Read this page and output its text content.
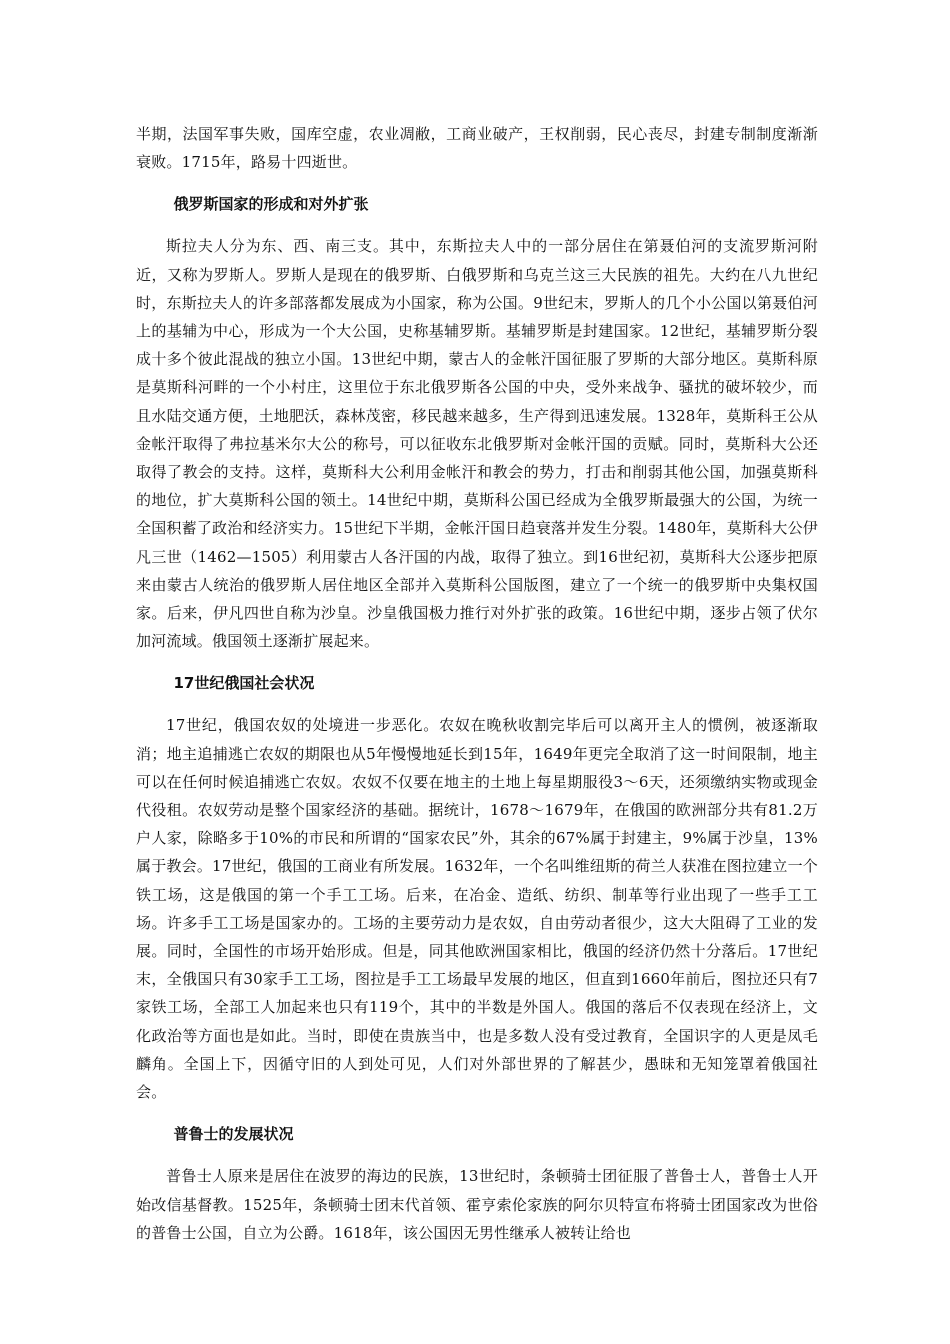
半期，法国军事失败，国库空虚，农业凋敝，工商业破产，王权削弱，民心丧尽，封建专制制度渐渐衰败。1715年，路易十四逝世。

俄罗斯国家的形成和对外扩张

斯拉夫人分为东、西、南三支。其中，东斯拉夫人中的一部分居住在第聂伯河的支流罗斯河附近，又称为罗斯人。罗斯人是现在的俄罗斯、白俄罗斯和乌克兰这三大民族的祖先。大约在八九世纪时，东斯拉夫人的许多部落都发展成为小国家，称为公国。9世纪末，罗斯人的几个小公国以第聂伯河上的基辅为中心，形成为一个大公国，史称基辅罗斯。基辅罗斯是封建国家。12世纪，基辅罗斯分裂成十多个彼此混战的独立小国。13世纪中期，蒙古人的金帐汗国征服了罗斯的大部分地区。莫斯科原是莫斯科河畔的一个小村庄，这里位于东北俄罗斯各公国的中央，受外来战争、骚扰的破坏较少，而且水陆交通方便，土地肥沃，森林茂密，移民越来越多，生产得到迅速发展。1328年，莫斯科王公从金帐汗取得了弗拉基米尔大公的称号，可以征收东北俄罗斯对金帐汗国的贡赋。同时，莫斯科大公还取得了教会的支持。这样，莫斯科大公利用金帐汗和教会的势力，打击和削弱其他公国，加强莫斯科的地位，扩大莫斯科公国的领土。14世纪中期，莫斯科公国已经成为全俄罗斯最强大的公国，为统一全国积蓄了政治和经济实力。15世纪下半期，金帐汗国日趋衰落并发生分裂。1480年，莫斯科大公伊凡三世（1462—1505）利用蒙古人各汗国的内战，取得了独立。到16世纪初，莫斯科大公逐步把原来由蒙古人统治的俄罗斯人居住地区全部并入莫斯科公国版图，建立了一个统一的俄罗斯中央集权国家。后来，伊凡四世自称为沙皇。沙皇俄国极力推行对外扩张的政策。16世纪中期，逐步占领了伏尔加河流域。俄国领土逐渐扩展起来。

17世纪俄国社会状况

17世纪，俄国农奴的处境进一步恶化。农奴在晚秋收割完毕后可以离开主人的惯例，被逐渐取消；地主追捕逃亡农奴的期限也从5年慢慢地延长到15年，1649年更完全取消了这一时间限制，地主可以在任何时候追捕逃亡农奴。农奴不仅要在地主的土地上每星期服役3～6天，还须缴纳实物或现金代役租。农奴劳动是整个国家经济的基础。据统计，1678～1679年，在俄国的欧洲部分共有81.2万户人家，除略多于10%的市民和所谓的“国家农民”外，其余的67%属于封建主，9%属于沙皇，13%属于教会。17世纪，俄国的工商业有所发展。1632年，一个名叫维纽斯的荷兰人获准在图拉建立一个铁工场，这是俄国的第一个手工工场。后来，在冶金、造纸、纺织、制革等行业出现了一些手工工场。许多手工工场是国家办的。工场的主要劳动力是农奴，自由劳动者很少，这大大阻碍了工业的发展。同时，全国性的市场开始形成。但是，同其他欧洲国家相比，俄国的经济仍然十分落后。17世纪末，全俄国只有30家手工工场，图拉是手工工场最早发展的地区，但直到1660年前后，图拉还只有7家铁工场，全部工人加起来也只有119个，其中的半数是外国人。俄国的落后不仅表现在经济上，文化政治等方面也是如此。当时，即使在贵族当中，也是多数人没有受过教育，全国识字的人更是凤毛麟角。全国上下，因循守旧的人到处可见，人们对外部世界的了解甚少，愚昧和无知笼罩着俄国社会。

普鲁士的发展状况

普鲁士人原来是居住在波罗的海边的民族，13世纪时，条顿骑士团征服了普鲁士人，普鲁士人开始改信基督教。1525年，条顿骑士团末代首领、霍亨索伦家族的阿尔贝特宣布将骑士团国家改为世俗的普鲁士公国，自立为公爵。1618年，该公国因无男性继承人被转让给也
